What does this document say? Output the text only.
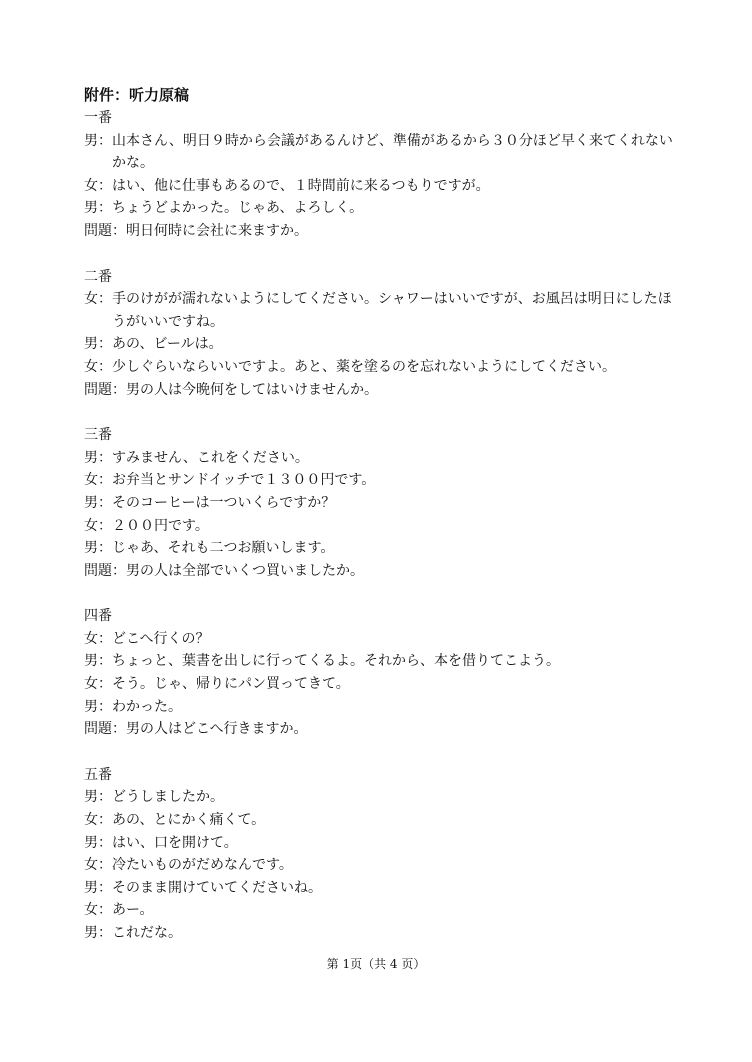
附件：听力原稿
一番
男： 山本さん、明日９時から会議があるんけど、準備があるから３０分ほど早く来てくれないかな。
女： はい、他に仕事もあるので、１時間前に来るつもりですが。
男： ちょうどよかった。じゃあ、よろしく。
問題： 明日何時に会社に来ますか。
二番
女： 手のけがが濡れないようにしてください。シャワーはいいですが、お風呂は明日にしたほうがいいですね。
男： あの、ビールは。
女： 少しぐらいならいいですよ。あと、薬を塗るのを忘れないようにしてください。
問題： 男の人は今晩何をしてはいけませんか。
三番
男： すみません、これをください。
女： お弁当とサンドイッチで１３００円です。
男： そのコーヒーは一ついくらですか？
女： ２００円です。
男： じゃあ、それも二つお願いします。
問題： 男の人は全部でいくつ買いましたか。
四番
女： どこへ行くの？
男： ちょっと、葉書を出しに行ってくるよ。それから、本を借りてこよう。
女： そう。じゃ、帰りにパン買ってきて。
男： わかった。
問題： 男の人はどこへ行きますか。
五番
男： どうしましたか。
女： あの、とにかく痛くて。
男： はい、口を開けて。
女： 冷たいものがだめなんです。
男： そのまま開けていてくださいね。
女： あー。
男： これだな。
第 1页（共 4 页）
